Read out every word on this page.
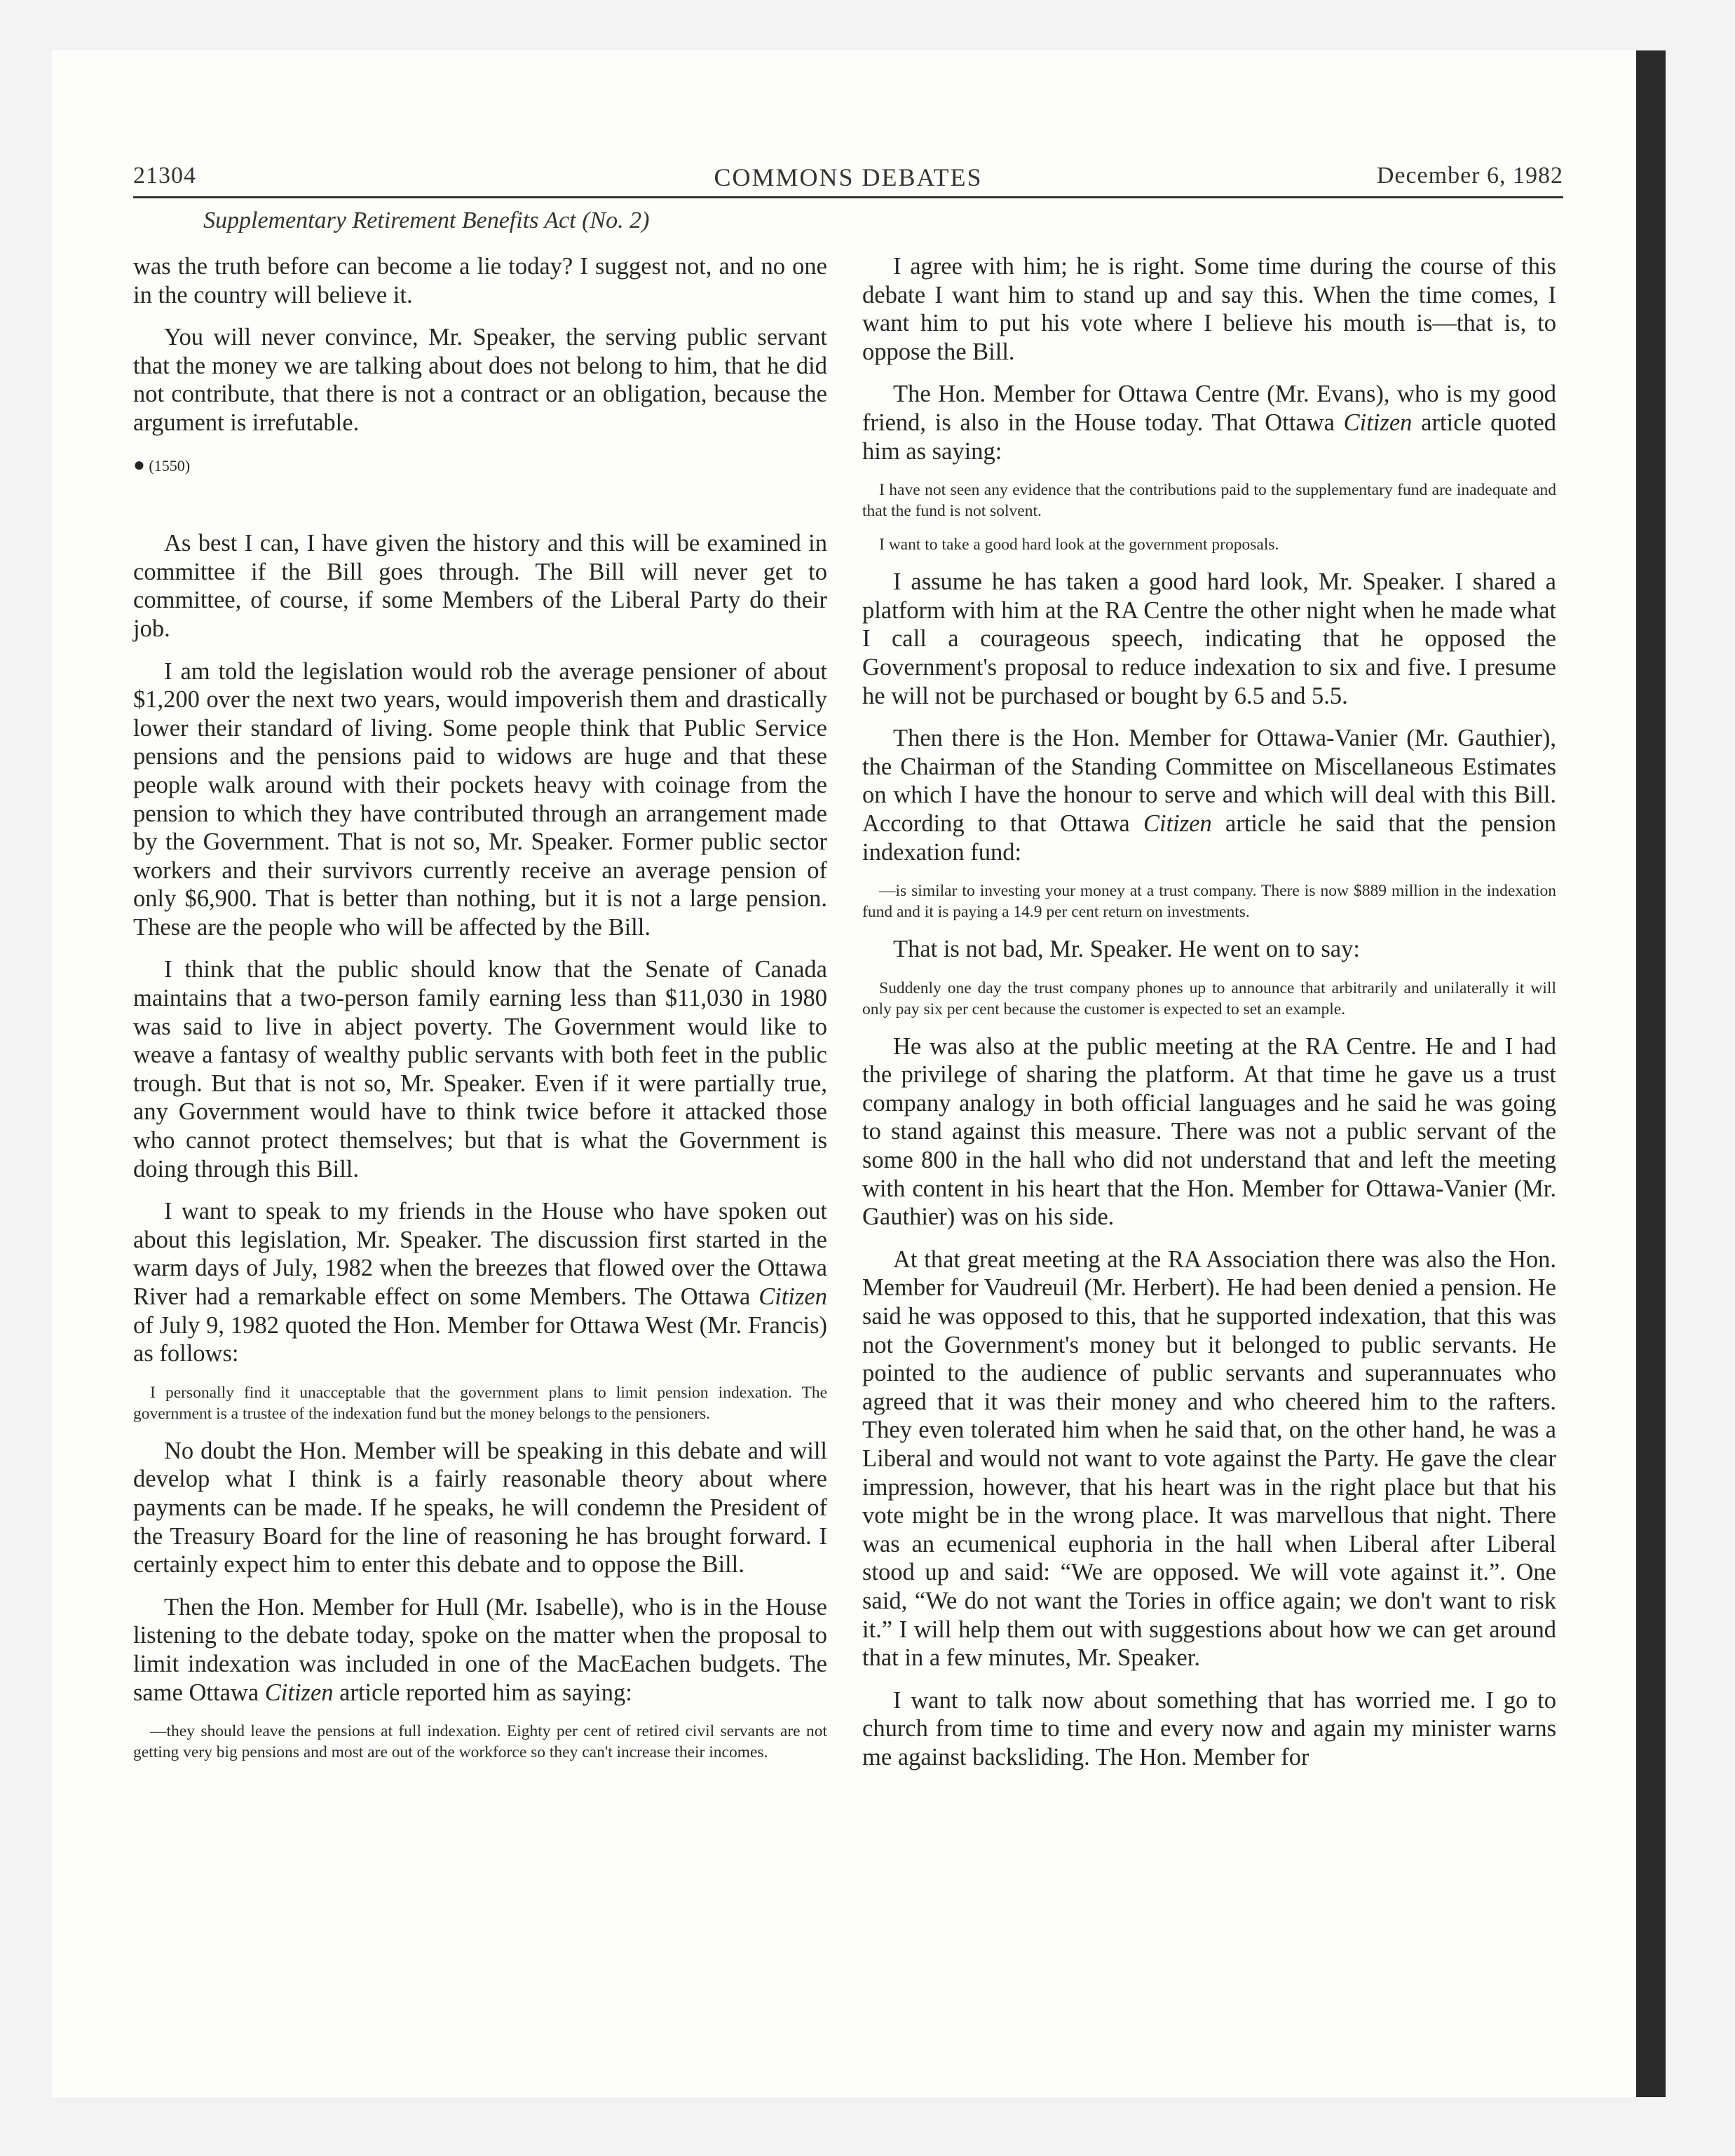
21304	COMMONS DEBATES	December 6, 1982
Supplementary Retirement Benefits Act (No. 2)

was the truth before can become a lie today? I suggest not, and no one in the country will believe it.

You will never convince, Mr. Speaker, the serving public servant that the money we are talking about does not belong to him, that he did not contribute, that there is not a contract or an obligation, because the argument is irrefutable.

● (1550)

As best I can, I have given the history and this will be examined in committee if the Bill goes through. The Bill will never get to committee, of course, if some Members of the Liberal Party do their job.

I am told the legislation would rob the average pensioner of about $1,200 over the next two years, would impoverish them and drastically lower their standard of living. Some people think that Public Service pensions and the pensions paid to widows are huge and that these people walk around with their pockets heavy with coinage from the pension to which they have contributed through an arrangement made by the Government. That is not so, Mr. Speaker. Former public sector workers and their survivors currently receive an average pension of only $6,900. That is better than nothing, but it is not a large pension. These are the people who will be affected by the Bill.

I think that the public should know that the Senate of Canada maintains that a two-person family earning less than $11,030 in 1980 was said to live in abject poverty. The Government would like to weave a fantasy of wealthy public servants with both feet in the public trough. But that is not so, Mr. Speaker. Even if it were partially true, any Government would have to think twice before it attacked those who cannot protect themselves; but that is what the Government is doing through this Bill.

I want to speak to my friends in the House who have spoken out about this legislation, Mr. Speaker. The discussion first started in the warm days of July, 1982 when the breezes that flowed over the Ottawa River had a remarkable effect on some Members. The Ottawa Citizen of July 9, 1982 quoted the Hon. Member for Ottawa West (Mr. Francis) as follows:

I personally find it unacceptable that the government plans to limit pension indexation. The government is a trustee of the indexation fund but the money belongs to the pensioners.

No doubt the Hon. Member will be speaking in this debate and will develop what I think is a fairly reasonable theory about where payments can be made. If he speaks, he will condemn the President of the Treasury Board for the line of reasoning he has brought forward. I certainly expect him to enter this debate and to oppose the Bill.

Then the Hon. Member for Hull (Mr. Isabelle), who is in the House listening to the debate today, spoke on the matter when the proposal to limit indexation was included in one of the MacEachen budgets. The same Ottawa Citizen article reported him as saying:

—they should leave the pensions at full indexation. Eighty per cent of retired civil servants are not getting very big pensions and most are out of the workforce so they can't increase their incomes.

I agree with him; he is right. Some time during the course of this debate I want him to stand up and say this. When the time comes, I want him to put his vote where I believe his mouth is—that is, to oppose the Bill.

The Hon. Member for Ottawa Centre (Mr. Evans), who is my good friend, is also in the House today. That Ottawa Citizen article quoted him as saying:

I have not seen any evidence that the contributions paid to the supplementary fund are inadequate and that the fund is not solvent.
I want to take a good hard look at the government proposals.

I assume he has taken a good hard look, Mr. Speaker. I shared a platform with him at the RA Centre the other night when he made what I call a courageous speech, indicating that he opposed the Government's proposal to reduce indexation to six and five. I presume he will not be purchased or bought by 6.5 and 5.5.

Then there is the Hon. Member for Ottawa-Vanier (Mr. Gauthier), the Chairman of the Standing Committee on Miscellaneous Estimates on which I have the honour to serve and which will deal with this Bill. According to that Ottawa Citizen article he said that the pension indexation fund:

—is similar to investing your money at a trust company. There is now $889 million in the indexation fund and it is paying a 14.9 per cent return on investments.

That is not bad, Mr. Speaker. He went on to say:

Suddenly one day the trust company phones up to announce that arbitrarily and unilaterally it will only pay six per cent because the customer is expected to set an example.

He was also at the public meeting at the RA Centre. He and I had the privilege of sharing the platform. At that time he gave us a trust company analogy in both official languages and he said he was going to stand against this measure. There was not a public servant of the some 800 in the hall who did not understand that and left the meeting with content in his heart that the Hon. Member for Ottawa-Vanier (Mr. Gauthier) was on his side.

At that great meeting at the RA Association there was also the Hon. Member for Vaudreuil (Mr. Herbert). He had been denied a pension. He said he was opposed to this, that he supported indexation, that this was not the Government's money but it belonged to public servants. He pointed to the audience of public servants and superannuates who agreed that it was their money and who cheered him to the rafters. They even tolerated him when he said that, on the other hand, he was a Liberal and would not want to vote against the Party. He gave the clear impression, however, that his heart was in the right place but that his vote might be in the wrong place. It was marvellous that night. There was an ecumenical euphoria in the hall when Liberal after Liberal stood up and said: “We are opposed. We will vote against it.”. One said, “We do not want the Tories in office again; we don't want to risk it.” I will help them out with suggestions about how we can get around that in a few minutes, Mr. Speaker.

I want to talk now about something that has worried me. I go to church from time to time and every now and again my minister warns me against backsliding. The Hon. Member for
